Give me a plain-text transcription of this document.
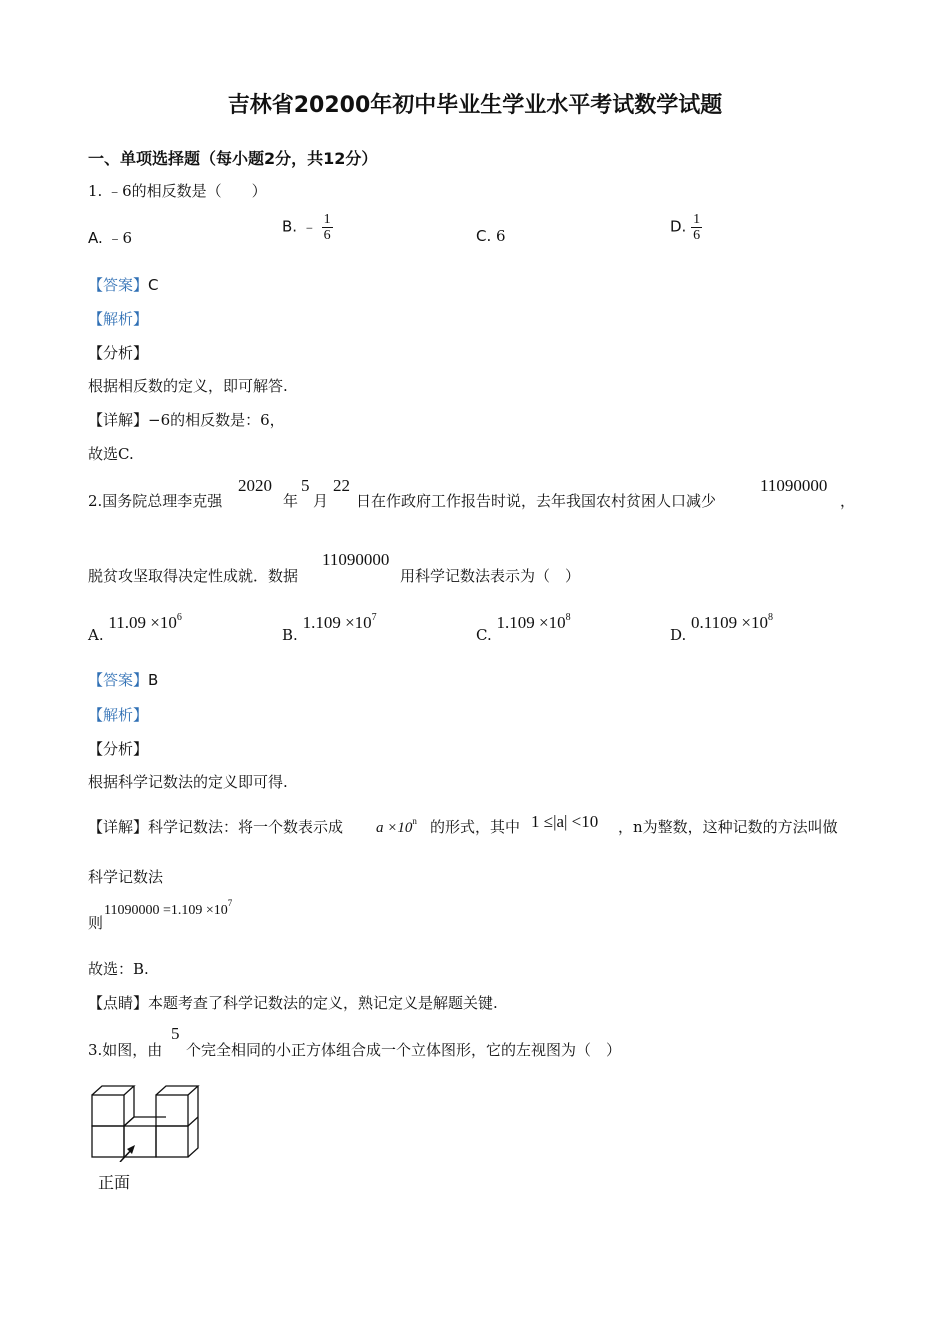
吉林省20200年初中毕业生学业水平考试数学试题
一、单项选择题（每小题2分，共12分）
1. ﹣6的相反数是（　　）
A. ﹣6
B. ﹣ $\frac{1}{6}$	C. 6
D. $\frac{1}{6}$
【答案】C
【解析】
【分析】
根据相反数的定义，即可解答.
【详解】−6的相反数是：6，
故选C.
2.国务院总理李克强
2020
年
5
月
22
日在作政府工作报告时说，去年我国农村贫困人口减少
11090000
，
脱贫攻坚取得决定性成就．数据
11090000
用科学记数法表示为（　）
A. $11.09 \times 10^6$
B. $1.109 \times 10^7$
C. $1.109 \times 10^8$
D. $0.1109 \times 10^8$
【答案】B
【解析】
【分析】
根据科学记数法的定义即可得.
【详解】科学记数法：将一个数表示成 $a \times 10^n$ 的形式，其中 1 ≤|a| <10 ，n为整数，这种记数的方法叫做
科学记数法
则
$11090000 =1.109 \times 10^7$
故选：B.
【点睛】本题考查了科学记数法的定义，熟记定义是解题关键.
3.如图，由
5
个完全相同的小正方体组合成一个立体图形，它的左视图为（　）
正面
